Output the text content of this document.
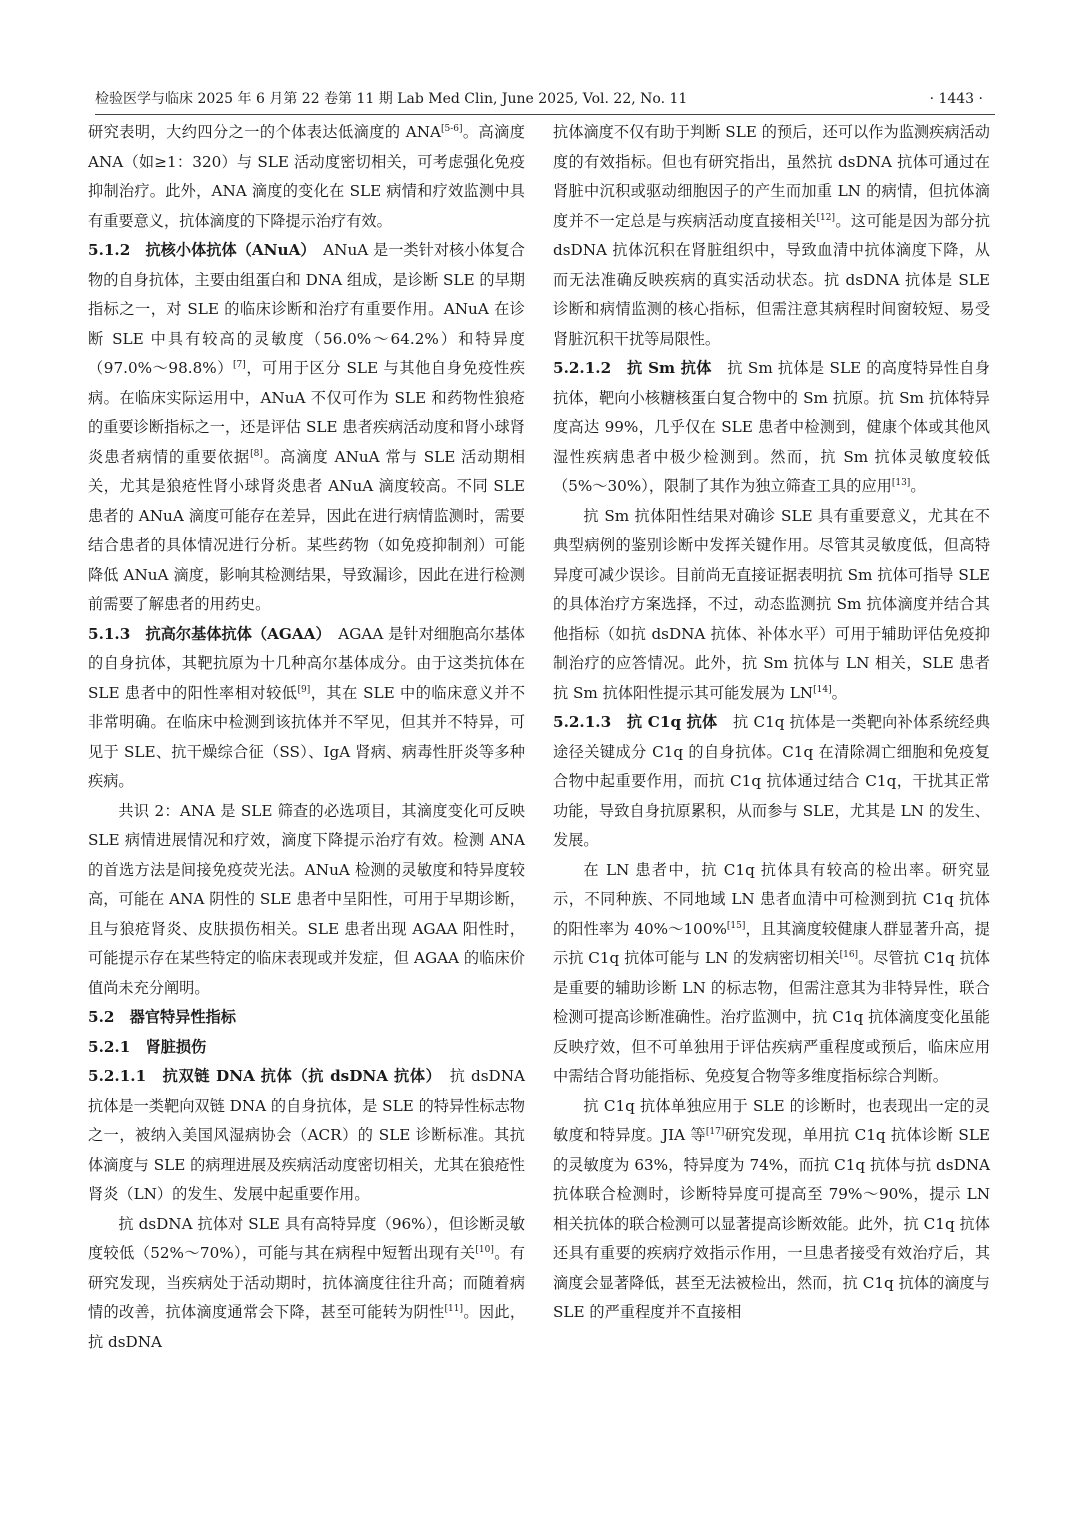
检验医学与临床 2025 年 6 月第 22 卷第 11 期 Lab Med Clin, June 2025, Vol. 22, No. 11	· 1443 ·

研究表明，大约四分之一的个体表达低滴度的 ANA[5-6]。高滴度 ANA（如≥1：320）与 SLE 活动度密切相关，可考虑强化免疫抑制治疗。此外，ANA 滴度的变化在 SLE 病情和疗效监测中具有重要意义，抗体滴度的下降提示治疗有效。

5.1.2　抗核小体抗体（ANuA）　ANuA 是一类针对核小体复合物的自身抗体，主要由组蛋白和 DNA 组成，是诊断 SLE 的早期指标之一，对 SLE 的临床诊断和治疗有重要作用。ANuA 在诊断 SLE 中具有较高的灵敏度（56.0%～64.2%）和特异度（97.0%～98.8%）[7]，可用于区分 SLE 与其他自身免疫性疾病。在临床实际运用中，ANuA 不仅可作为 SLE 和药物性狼疮的重要诊断指标之一，还是评估 SLE 患者疾病活动度和肾小球肾炎患者病情的重要依据[8]。高滴度 ANuA 常与 SLE 活动期相关，尤其是狼疮性肾小球肾炎患者 ANuA 滴度较高。不同 SLE 患者的 ANuA 滴度可能存在差异，因此在进行病情监测时，需要结合患者的具体情况进行分析。某些药物（如免疫抑制剂）可能降低 ANuA 滴度，影响其检测结果，导致漏诊，因此在进行检测前需要了解患者的用药史。

5.1.3　抗高尔基体抗体（AGAA）　AGAA 是针对细胞高尔基体的自身抗体，其靶抗原为十几种高尔基体成分。由于这类抗体在 SLE 患者中的阳性率相对较低[9]，其在 SLE 中的临床意义并不非常明确。在临床中检测到该抗体并不罕见，但其并不特异，可见于 SLE、抗干燥综合征（SS）、IgA 肾病、病毒性肝炎等多种疾病。

共识 2：ANA 是 SLE 筛查的必选项目，其滴度变化可反映 SLE 病情进展情况和疗效，滴度下降提示治疗有效。检测 ANA 的首选方法是间接免疫荧光法。ANuA 检测的灵敏度和特异度较高，可能在 ANA 阴性的 SLE 患者中呈阳性，可用于早期诊断，且与狼疮肾炎、皮肤损伤相关。SLE 患者出现 AGAA 阳性时，可能提示存在某些特定的临床表现或并发症，但 AGAA 的临床价值尚未充分阐明。

5.2　器官特异性指标

5.2.1　肾脏损伤

5.2.1.1　抗双链 DNA 抗体（抗 dsDNA 抗体）　抗 dsDNA 抗体是一类靶向双链 DNA 的自身抗体，是 SLE 的特异性标志物之一，被纳入美国风湿病协会（ACR）的 SLE 诊断标准。其抗体滴度与 SLE 的病理进展及疾病活动度密切相关，尤其在狼疮性肾炎（LN）的发生、发展中起重要作用。

抗 dsDNA 抗体对 SLE 具有高特异度（96%），但诊断灵敏度较低（52%～70%），可能与其在病程中短暂出现有关[10]。有研究发现，当疾病处于活动期时，抗体滴度往往升高；而随着病情的改善，抗体滴度通常会下降，甚至可能转为阴性[11]。因此，抗 dsDNA

抗体滴度不仅有助于判断 SLE 的预后，还可以作为监测疾病活动度的有效指标。但也有研究指出，虽然抗 dsDNA 抗体可通过在肾脏中沉积或驱动细胞因子的产生而加重 LN 的病情，但抗体滴度并不一定总是与疾病活动度直接相关[12]。这可能是因为部分抗 dsDNA 抗体沉积在肾脏组织中，导致血清中抗体滴度下降，从而无法准确反映疾病的真实活动状态。抗 dsDNA 抗体是 SLE 诊断和病情监测的核心指标，但需注意其病程时间窗较短、易受肾脏沉积干扰等局限性。

5.2.1.2　抗 Sm 抗体　抗 Sm 抗体是 SLE 的高度特异性自身抗体，靶向小核糖核蛋白复合物中的 Sm 抗原。抗 Sm 抗体特异度高达 99%，几乎仅在 SLE 患者中检测到，健康个体或其他风湿性疾病患者中极少检测到。然而，抗 Sm 抗体灵敏度较低（5%～30%），限制了其作为独立筛查工具的应用[13]。

抗 Sm 抗体阳性结果对确诊 SLE 具有重要意义，尤其在不典型病例的鉴别诊断中发挥关键作用。尽管其灵敏度低，但高特异度可减少误诊。目前尚无直接证据表明抗 Sm 抗体可指导 SLE 的具体治疗方案选择，不过，动态监测抗 Sm 抗体滴度并结合其他指标（如抗 dsDNA 抗体、补体水平）可用于辅助评估免疫抑制治疗的应答情况。此外，抗 Sm 抗体与 LN 相关，SLE 患者抗 Sm 抗体阳性提示其可能发展为 LN[14]。

5.2.1.3　抗 C1q 抗体　抗 C1q 抗体是一类靶向补体系统经典途径关键成分 C1q 的自身抗体。C1q 在清除凋亡细胞和免疫复合物中起重要作用，而抗 C1q 抗体通过结合 C1q，干扰其正常功能，导致自身抗原累积，从而参与 SLE，尤其是 LN 的发生、发展。

在 LN 患者中，抗 C1q 抗体具有较高的检出率。研究显示，不同种族、不同地域 LN 患者血清中可检测到抗 C1q 抗体的阳性率为 40%～100%[15]，且其滴度较健康人群显著升高，提示抗 C1q 抗体可能与 LN 的发病密切相关[16]。尽管抗 C1q 抗体是重要的辅助诊断 LN 的标志物，但需注意其为非特异性，联合检测可提高诊断准确性。治疗监测中，抗 C1q 抗体滴度变化虽能反映疗效，但不可单独用于评估疾病严重程度或预后，临床应用中需结合肾功能指标、免疫复合物等多维度指标综合判断。

抗 C1q 抗体单独应用于 SLE 的诊断时，也表现出一定的灵敏度和特异度。JIA 等[17]研究发现，单用抗 C1q 抗体诊断 SLE 的灵敏度为 63%，特异度为 74%，而抗 C1q 抗体与抗 dsDNA 抗体联合检测时，诊断特异度可提高至 79%～90%，提示 LN 相关抗体的联合检测可以显著提高诊断效能。此外，抗 C1q 抗体还具有重要的疾病疗效指示作用，一旦患者接受有效治疗后，其滴度会显著降低，甚至无法被检出，然而，抗 C1q 抗体的滴度与 SLE 的严重程度并不直接相
